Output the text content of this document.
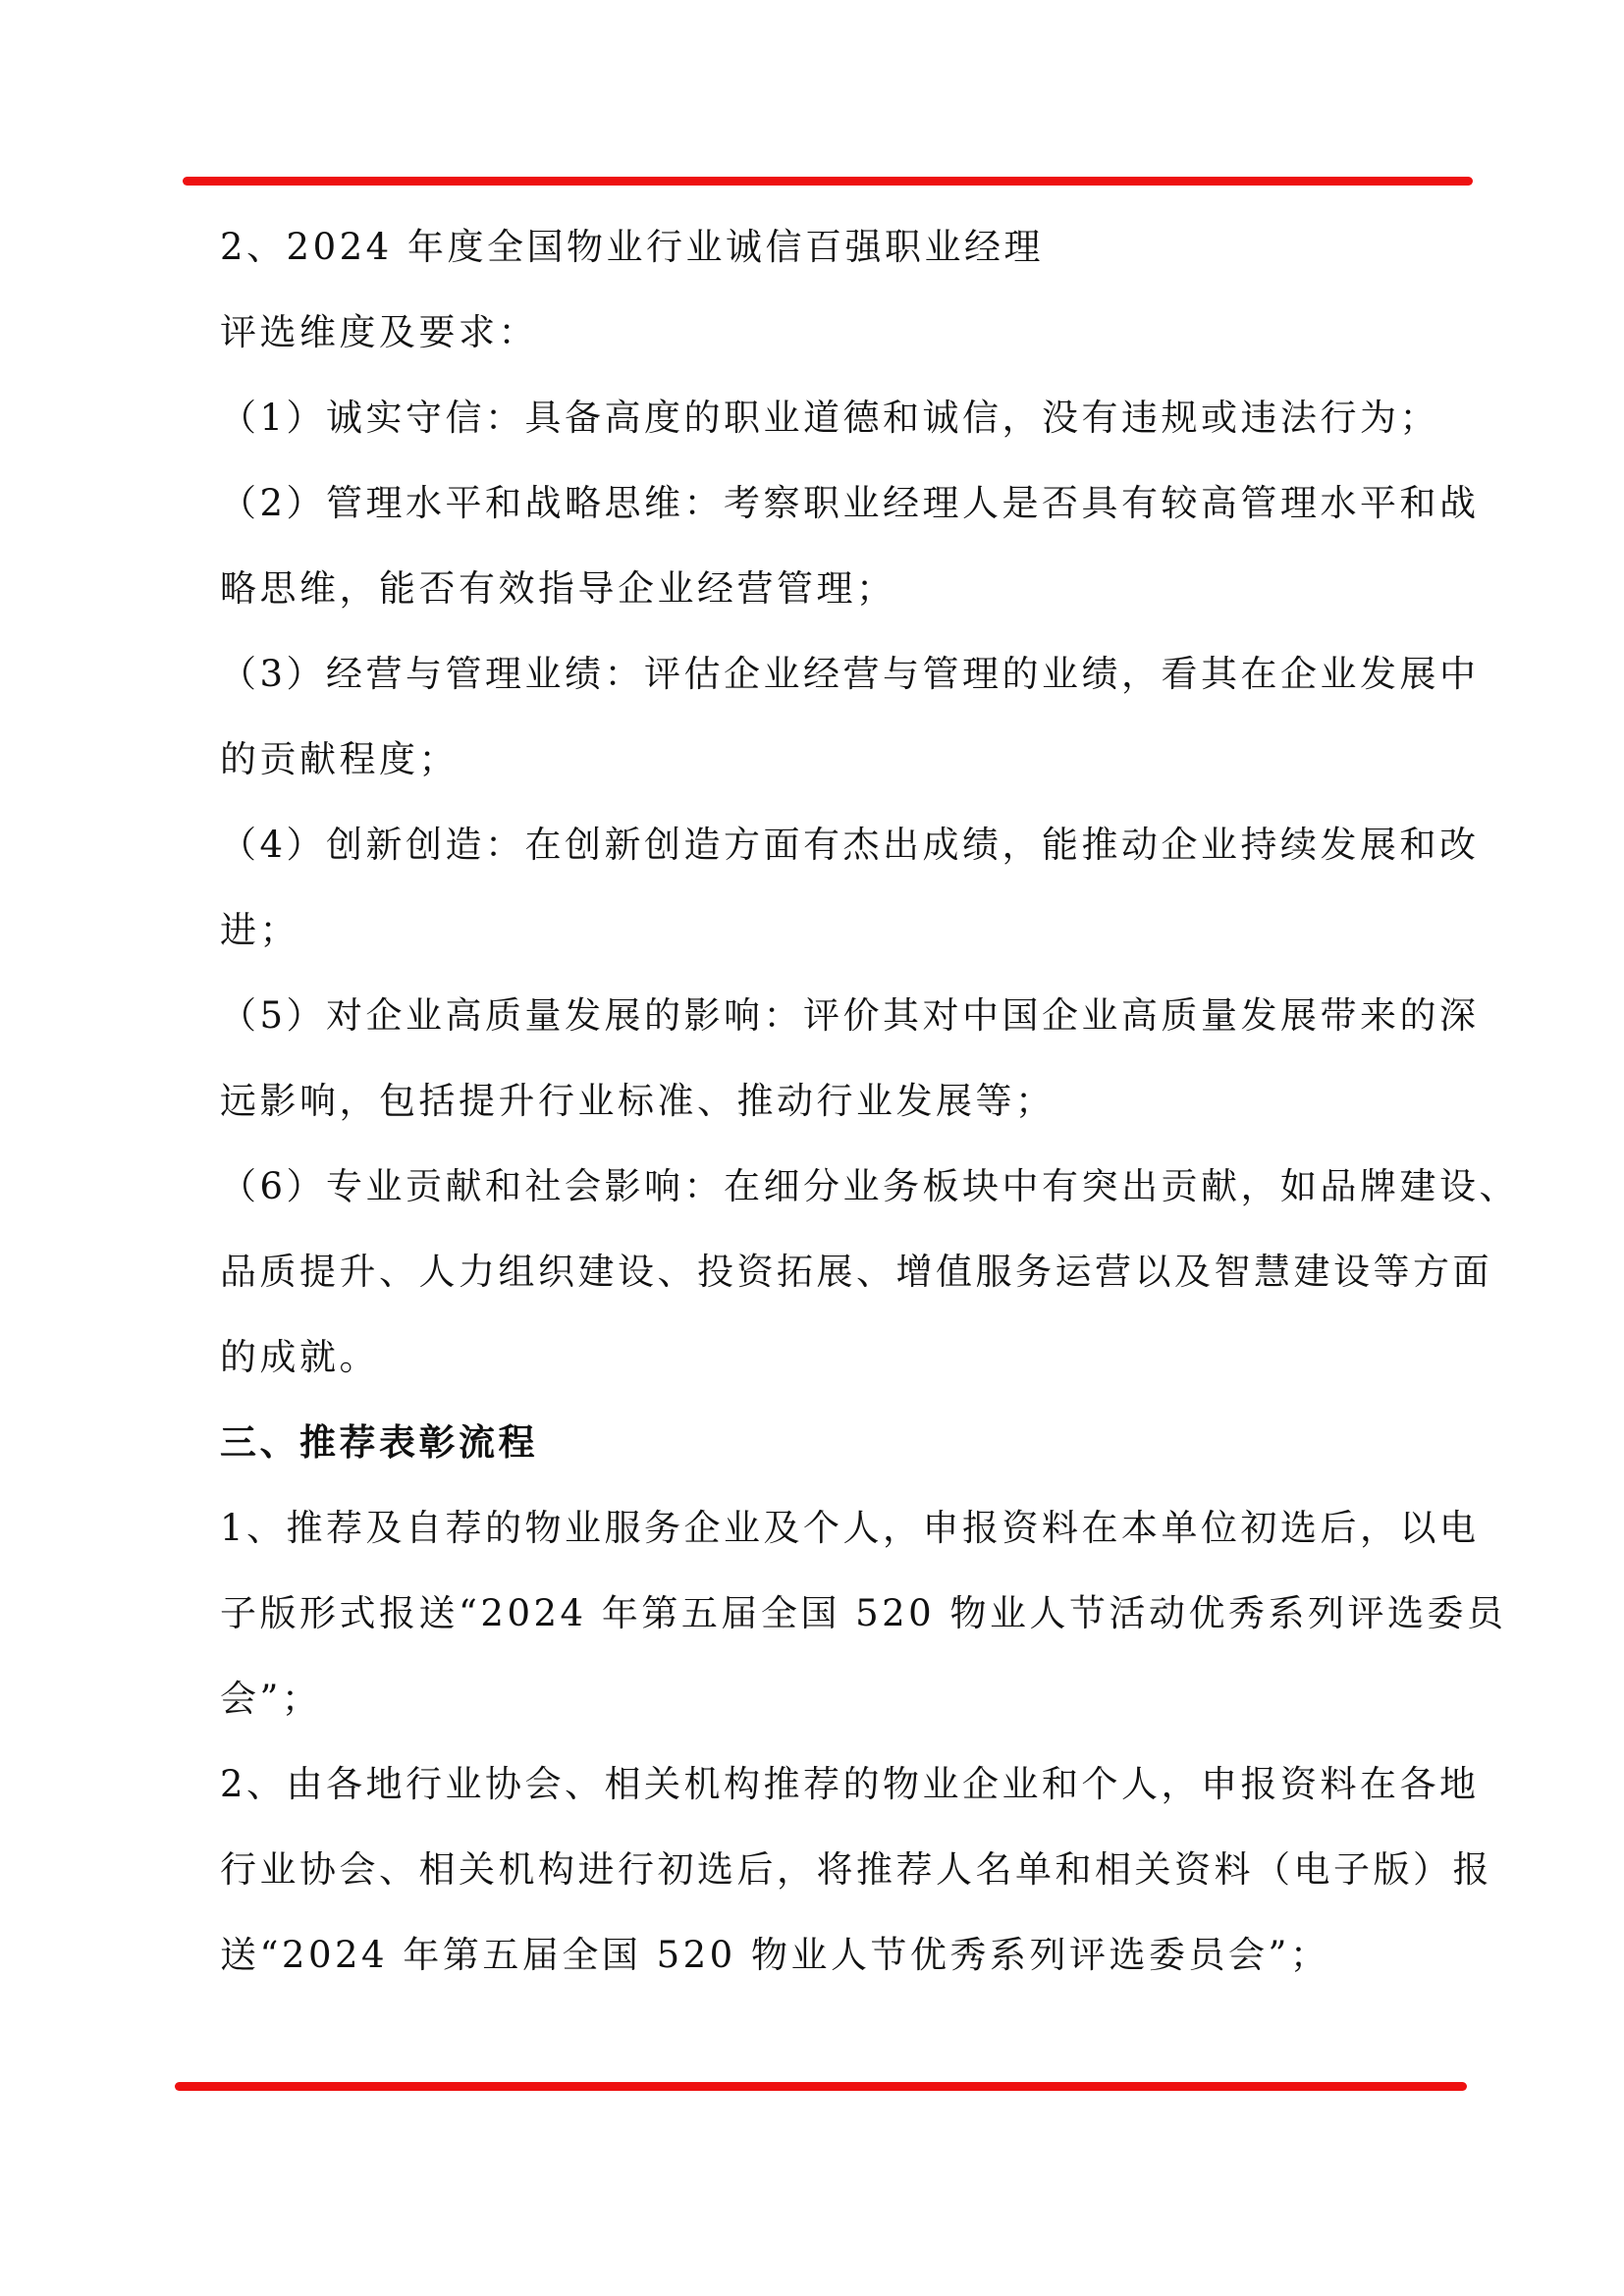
2、2024 年度全国物业行业诚信百强职业经理
评选维度及要求：
（1）诚实守信：具备高度的职业道德和诚信，没有违规或违法行为；
（2）管理水平和战略思维：考察职业经理人是否具有较高管理水平和战
略思维，能否有效指导企业经营管理；
（3）经营与管理业绩：评估企业经营与管理的业绩，看其在企业发展中
的贡献程度；
（4）创新创造：在创新创造方面有杰出成绩，能推动企业持续发展和改
进；
（5）对企业高质量发展的影响：评价其对中国企业高质量发展带来的深
远影响，包括提升行业标准、推动行业发展等；
（6）专业贡献和社会影响：在细分业务板块中有突出贡献，如品牌建设、
品质提升、人力组织建设、投资拓展、增值服务运营以及智慧建设等方面
的成就。
三、推荐表彰流程
1、推荐及自荐的物业服务企业及个人，申报资料在本单位初选后，以电
子版形式报送“2024 年第五届全国 520 物业人节活动优秀系列评选委员
会”；
2、由各地行业协会、相关机构推荐的物业企业和个人，申报资料在各地
行业协会、相关机构进行初选后，将推荐人名单和相关资料（电子版）报
送“2024 年第五届全国 520 物业人节优秀系列评选委员会”；
